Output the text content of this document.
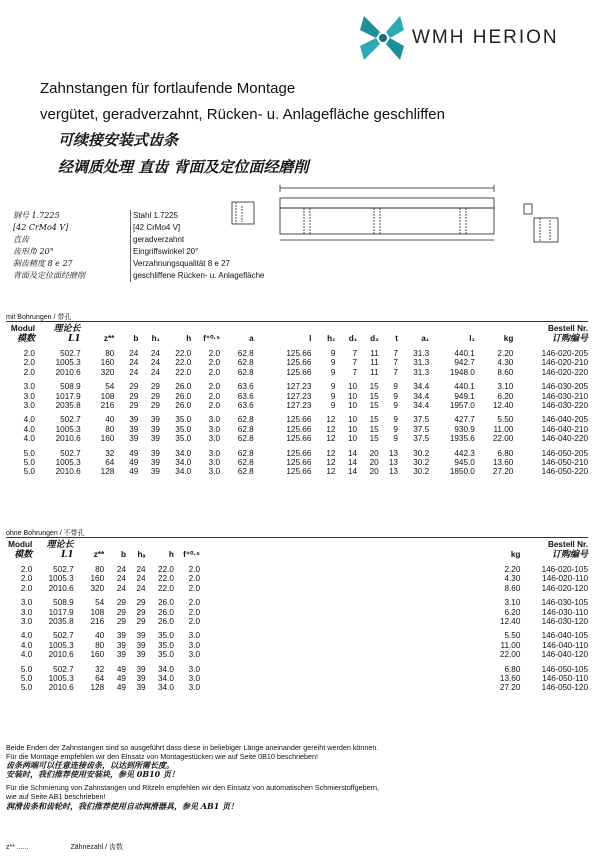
WMH HERION
Zahnstangen für fortlaufende Montage
vergütet, geradverzahnt, Rücken- u. Anlagefläche geschliffen
可续接安装式齿条
经调质处理 直齿 背面及定位面经磨削
钢号 1.7225
[42 CrMo4 V]
直齿
齿形角 20°
制齿精度 8 e 27
背面及定位面经磨削
Stahl 1.7225
[42 CrMo4 V]
geradverzahnt
Eingriffswinkel 20°
Verzahnungsqualität 8 e 27
geschliffene Rücken- u. Anlagefläche
mit Bohrungen / 带孔
Modul	理论长															Bestell Nr.
模数	L1	z**	b	h₁	h	f⁺⁰·⁵	a	l	h₁	d₁	d₂	t	a₁	l₁	kg	订购编号

2.0	502.7	80	24	24	22.0	2.0	62.8	125.66	9	7	11	7	31.3	440.1	2.20	146-020-205
2.0	1005.3	160	24	24	22.0	2.0	62.8	125.66	9	7	11	7	31.3	942.7	4.30	146-020-210
2.0	2010.6	320	24	24	22.0	2.0	62.8	125.66	9	7	11	7	31.3	1948.0	8.60	146-020-220

3.0	508.9	54	29	29	26.0	2.0	63.6	127.23	9	10	15	9	34.4	440.1	3.10	146-030-205
3.0	1017.9	108	29	29	26.0	2.0	63.6	127.23	9	10	15	9	34.4	949.1	6.20	146-030-210
3.0	2035.8	216	29	29	26.0	2.0	63.6	127.23	9	10	15	9	34.4	1957.0	12.40	146-030-220

4.0	502.7	40	39	39	35.0	3.0	62.8	125.66	12	10	15	9	37.5	427.7	5.50	146-040-205
4.0	1005.3	80	39	39	35.0	3.0	62.8	125.66	12	10	15	9	37.5	930.9	11.00	146-040-210
4.0	2010.6	160	39	39	35.0	3.0	62.8	125.66	12	10	15	9	37.5	1935.6	22.00	146-040-220

5.0	502.7	32	49	39	34.0	3.0	62.8	125.66	12	14	20	13	30.2	442.3	6.80	146-050-205
5.0	1005.3	64	49	39	34.0	3.0	62.8	125.66	12	14	20	13	30.2	945.0	13.60	146-050-210
5.0	2010.6	128	49	39	34.0	3.0	62.8	125.66	12	14	20	13	30.2	1850.0	27.20	146-050-220
ohne Bohrungen / 不带孔
Modul	理论长							Bestell Nr.
模数	L1	z**	b	hₐ	h	f⁺⁰·⁵	kg	订购编号

2.0	502.7	80	24	24	22.0	2.0	2.20	146-020-105
2.0	1005.3	160	24	24	22.0	2.0	4.30	146-020-110
2.0	2010.6	320	24	24	22.0	2.0	8.60	146-020-120

3.0	508.9	54	29	29	26.0	2.0	3.10	146-030-105
3.0	1017.9	108	29	29	26.0	2.0	6.20	146-030-110
3.0	2035.8	216	29	29	26.0	2.0	12.40	146-030-120

4.0	502.7	40	39	39	35.0	3.0	5.50	146-040-105
4.0	1005.3	80	39	39	35.0	3.0	11.00	146-040-110
4.0	2010.6	160	39	39	35.0	3.0	22.00	146-040-120

5.0	502.7	32	49	39	34.0	3.0	6.80	146-050-105
5.0	1005.3	64	49	39	34.0	3.0	13.60	146-050-110
5.0	2010.6	128	49	39	34.0	3.0	27.20	146-050-120
Beide Enden der Zahnstangen sind so ausgeführt dass diese in beliebiger Länge aneinander gereiht werden können.
Für die Montage empfehlen wir den Einsatz von Montagestücken wie auf Seite 0B10 beschrieben!
齿条两端可以任意连接齿条，以达到所需长度。
安装时，我们推荐使用安装块，参见 0B10 页！
Für die Schmierung von Zahnstangen und Ritzeln empfehlen wir den Einsatz von automatischen Schmierstoffgebern,
wie auf Seite AB1 beschrieben!
润滑齿条和齿轮时，我们推荐使用自动润滑器具，参见 AB1 页！
z** ......	Zähnezahl / 齿数
